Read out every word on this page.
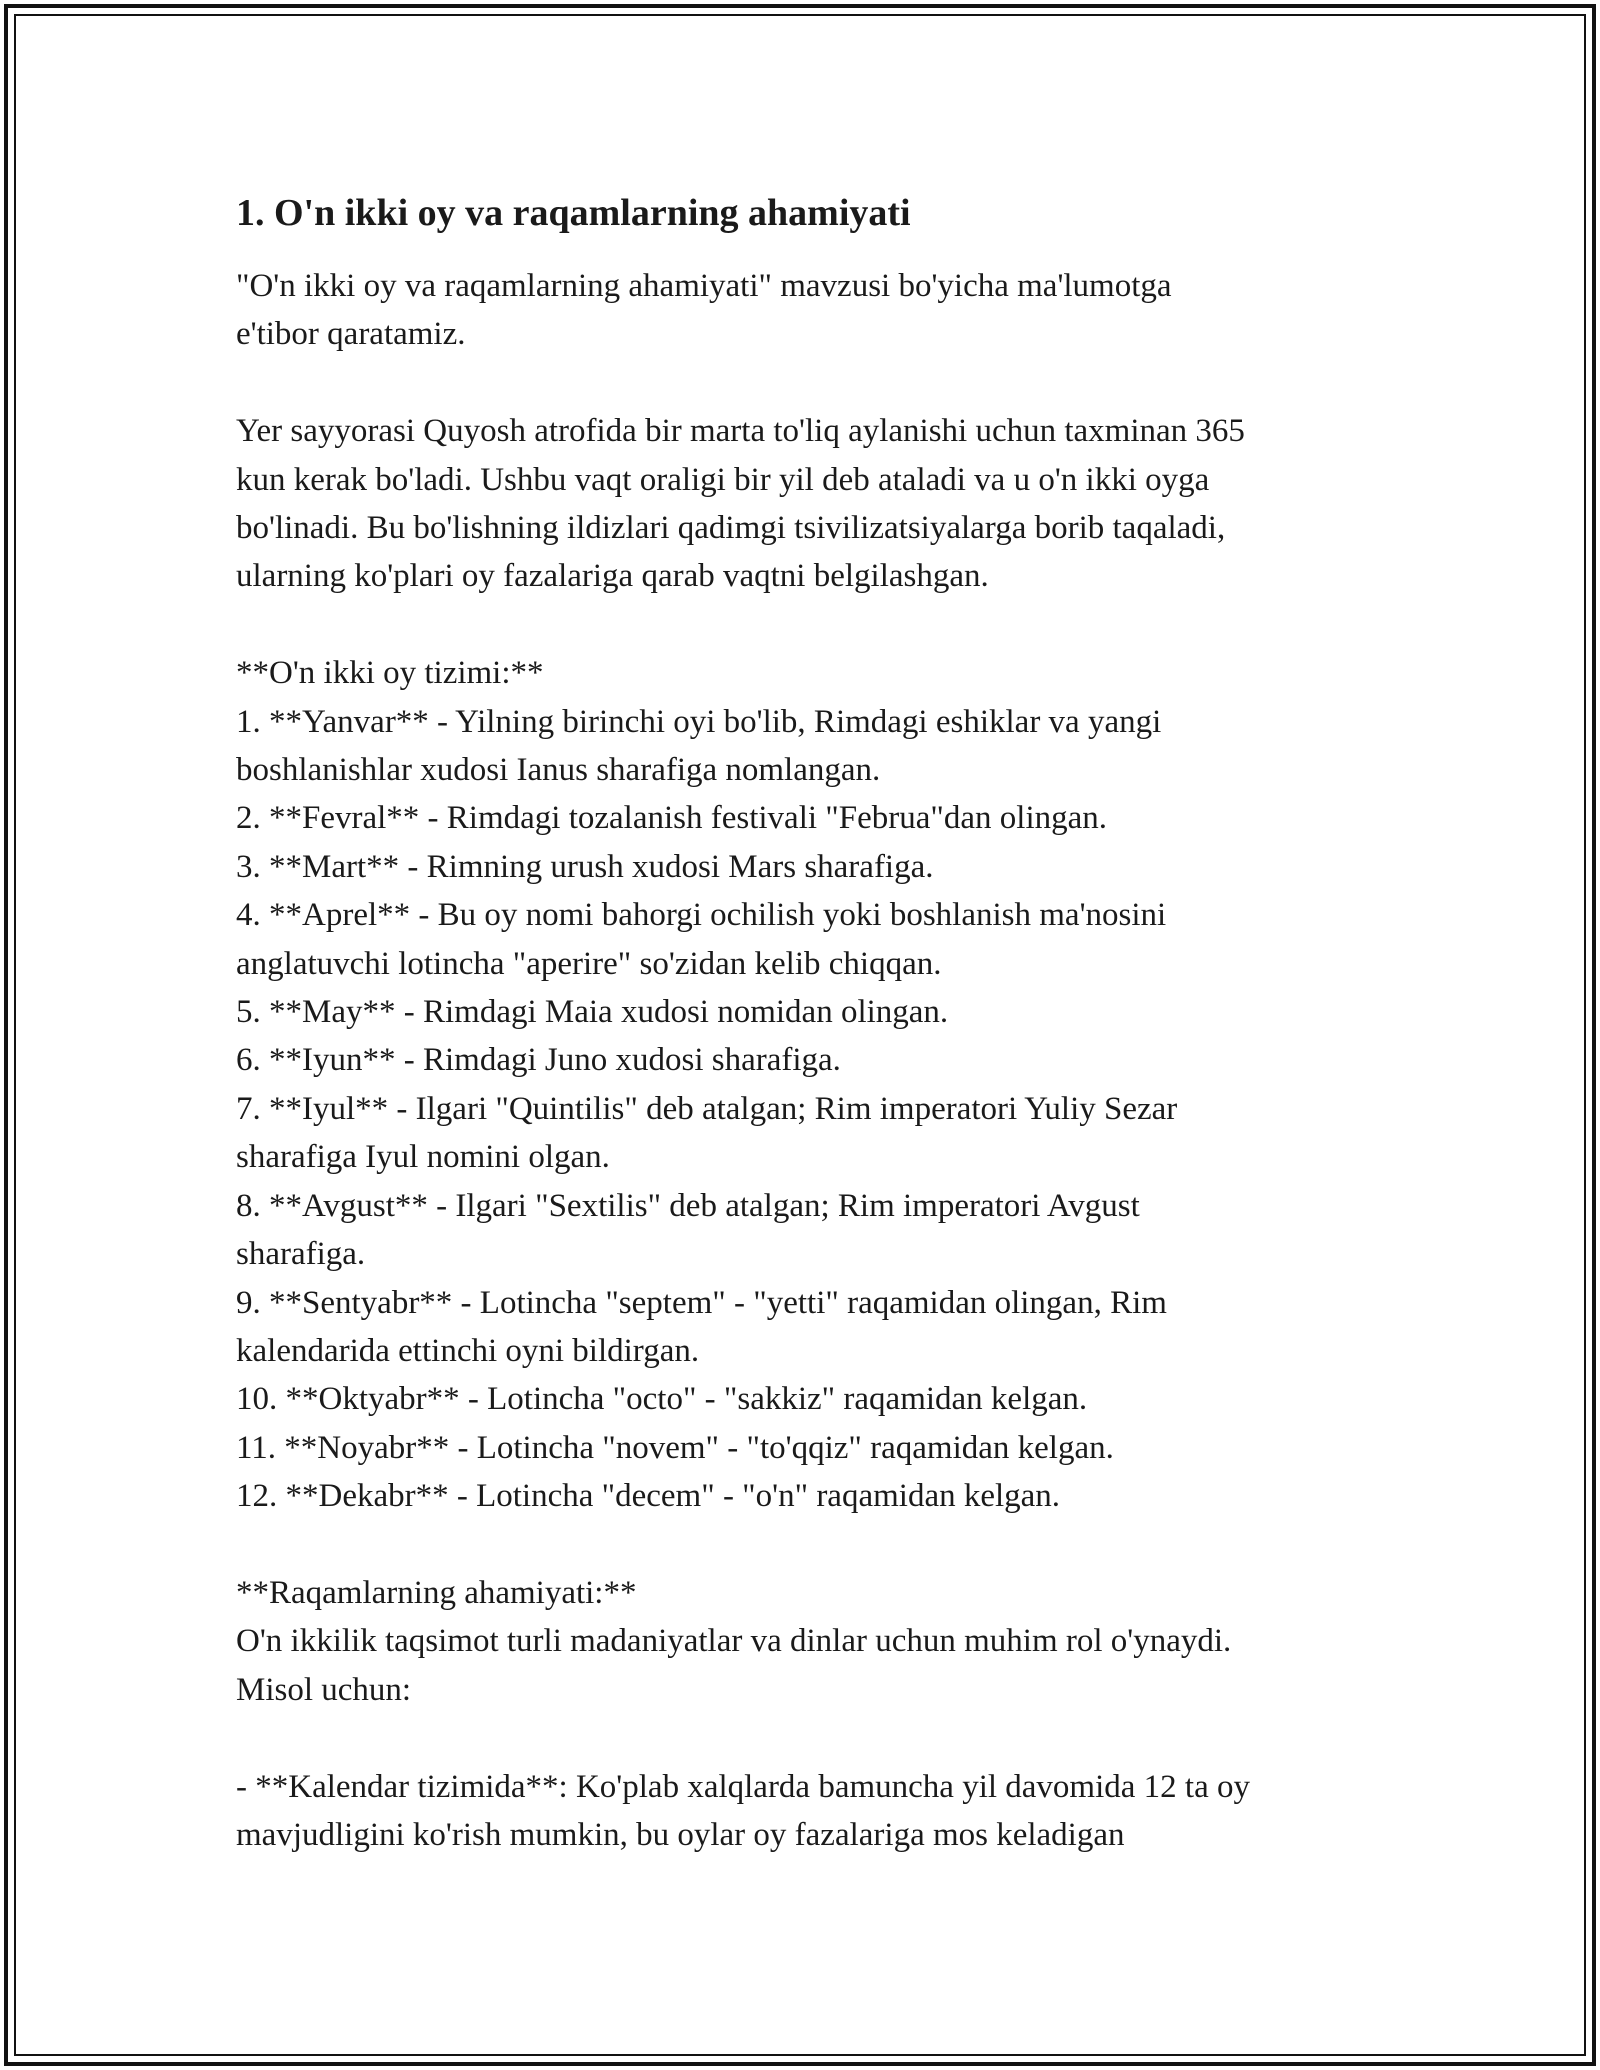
1. O'n ikki oy va raqamlarning ahamiyati

"O'n ikki oy va raqamlarning ahamiyati" mavzusi bo'yicha ma'lumotga
e'tibor qaratamiz.

Yer sayyorasi Quyosh atrofida bir marta to'liq aylanishi uchun taxminan 365
kun kerak bo'ladi. Ushbu vaqt oraligi bir yil deb ataladi va u o'n ikki oyga
bo'linadi. Bu bo'lishning ildizlari qadimgi tsivilizatsiyalarga borib taqaladi,
ularning ko'plari oy fazalariga qarab vaqtni belgilashgan.

**O'n ikki oy tizimi:**
1. **Yanvar** - Yilning birinchi oyi bo'lib, Rimdagi eshiklar va yangi
boshlanishlar xudosi Ianus sharafiga nomlangan.
2. **Fevral** - Rimdagi tozalanish festivali "Februa"dan olingan.
3. **Mart** - Rimning urush xudosi Mars sharafiga.
4. **Aprel** - Bu oy nomi bahorgi ochilish yoki boshlanish ma'nosini
anglatuvchi lotincha "aperire" so'zidan kelib chiqqan.
5. **May** - Rimdagi Maia xudosi nomidan olingan.
6. **Iyun** - Rimdagi Juno xudosi sharafiga.
7. **Iyul** - Ilgari "Quintilis" deb atalgan; Rim imperatori Yuliy Sezar
sharafiga Iyul nomini olgan.
8. **Avgust** - Ilgari "Sextilis" deb atalgan; Rim imperatori Avgust
sharafiga.
9. **Sentyabr** - Lotincha "septem" - "yetti" raqamidan olingan, Rim
kalendarida ettinchi oyni bildirgan.
10. **Oktyabr** - Lotincha "octo" - "sakkiz" raqamidan kelgan.
11. **Noyabr** - Lotincha "novem" - "to'qqiz" raqamidan kelgan.
12. **Dekabr** - Lotincha "decem" - "o'n" raqamidan kelgan.

**Raqamlarning ahamiyati:**
O'n ikkilik taqsimot turli madaniyatlar va dinlar uchun muhim rol o'ynaydi.
Misol uchun:

- **Kalendar tizimida**: Ko'plab xalqlarda bamuncha yil davomida 12 ta oy
mavjudligini ko'rish mumkin, bu oylar oy fazalariga mos keladigan
